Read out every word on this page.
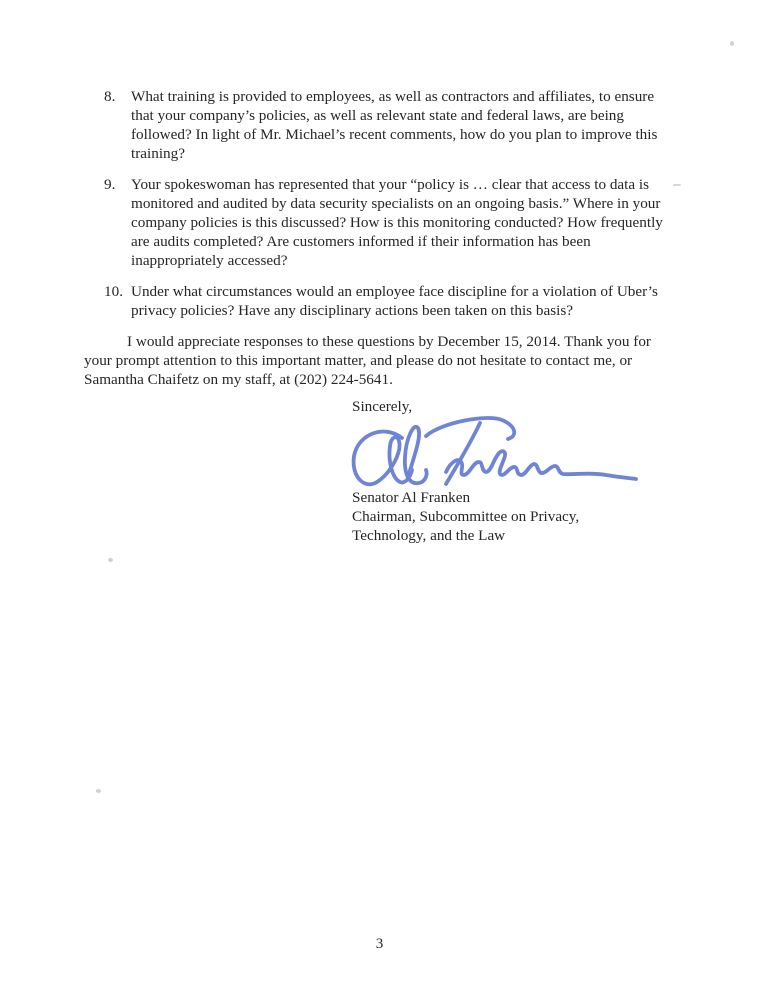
8.	What training is provided to employees, as well as contractors and affiliates, to ensure
that your company’s policies, as well as relevant state and federal laws, are being
followed? In light of Mr. Michael’s recent comments, how do you plan to improve this
training?
9.	Your spokeswoman has represented that your “policy is … clear that access to data is
monitored and audited by data security specialists on an ongoing basis.” Where in your
company policies is this discussed? How is this monitoring conducted? How frequently
are audits completed? Are customers informed if their information has been
inappropriately accessed?
10. Under what circumstances would an employee face discipline for a violation of Uber’s
privacy policies? Have any disciplinary actions been taken on this basis?
I would appreciate responses to these questions by December 15, 2014. Thank you for
your prompt attention to this important matter, and please do not hesitate to contact me, or
Samantha Chaifetz on my staff, at (202) 224-5641.
Sincerely,
Senator Al Franken
Chairman, Subcommittee on Privacy,
Technology, and the Law
3
